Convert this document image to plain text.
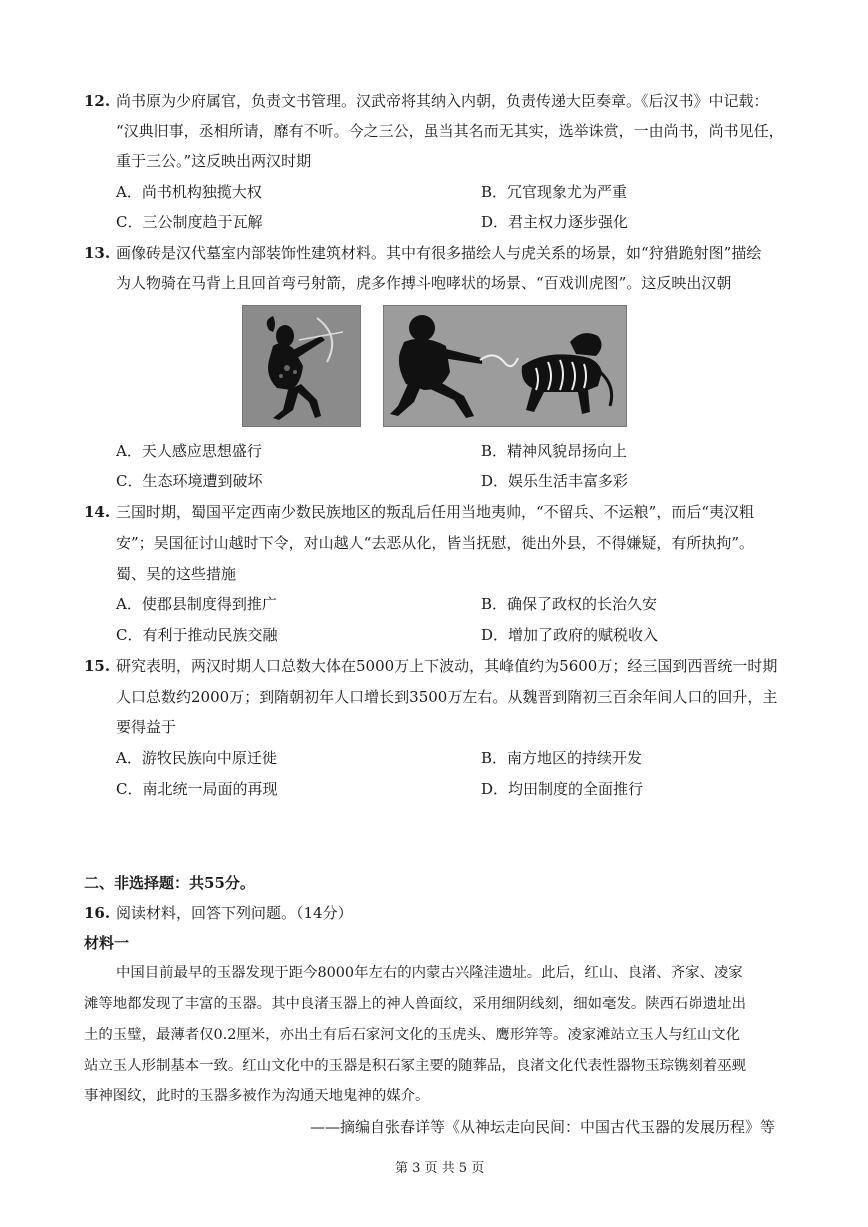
12. 尚书原为少府属官，负责文书管理。汉武帝将其纳入内朝，负责传递大臣奏章。《后汉书》中记载：
“汉典旧事，丞相所请，靡有不听。今之三公，虽当其名而无其实，选举诛赏，一由尚书，尚书见任，
重于三公。”这反映出两汉时期
A．尚书机构独揽大权	B．冗官现象尤为严重
C．三公制度趋于瓦解	D．君主权力逐步强化
13. 画像砖是汉代墓室内部装饰性建筑材料。其中有很多描绘人与虎关系的场景，如“狩猎跪射图”描绘
为人物骑在马背上且回首弯弓射箭，虎多作搏斗咆哮状的场景、“百戏训虎图”。这反映出汉朝
A．天人感应思想盛行	B．精神风貌昂扬向上
C．生态环境遭到破坏	D．娱乐生活丰富多彩
14. 三国时期，蜀国平定西南少数民族地区的叛乱后任用当地夷帅，“不留兵、不运粮”，而后“夷汉粗
安”；吴国征讨山越时下令，对山越人“去恶从化，皆当抚慰，徙出外县，不得嫌疑，有所执拘”。
蜀、吴的这些措施
A．使郡县制度得到推广	B．确保了政权的长治久安
C．有利于推动民族交融	D．增加了政府的赋税收入
15. 研究表明，两汉时期人口总数大体在5000万上下波动，其峰值约为5600万；经三国到西晋统一时期
人口总数约2000万；到隋朝初年人口增长到3500万左右。从魏晋到隋初三百余年间人口的回升，主
要得益于
A．游牧民族向中原迁徙	B．南方地区的持续开发
C．南北统一局面的再现	D．均田制度的全面推行
二、非选择题：共55分。
16. 阅读材料，回答下列问题。（14分）
材料一
中国目前最早的玉器发现于距今8000年左右的内蒙古兴隆洼遗址。此后，红山、良渚、齐家、凌家
滩等地都发现了丰富的玉器。其中良渚玉器上的神人兽面纹，采用细阴线刻，细如毫发。陕西石峁遗址出
土的玉璧，最薄者仅0.2厘米，亦出土有后石家河文化的玉虎头、鹰形笄等。凌家滩站立玉人与红山文化
站立玉人形制基本一致。红山文化中的玉器是积石冢主要的随葬品，良渚文化代表性器物玉琮镌刻着巫觋
事神图纹，此时的玉器多被作为沟通天地鬼神的媒介。
——摘编自张春详等《从神坛走向民间：中国古代玉器的发展历程》等
第 3 页 共 5 页
